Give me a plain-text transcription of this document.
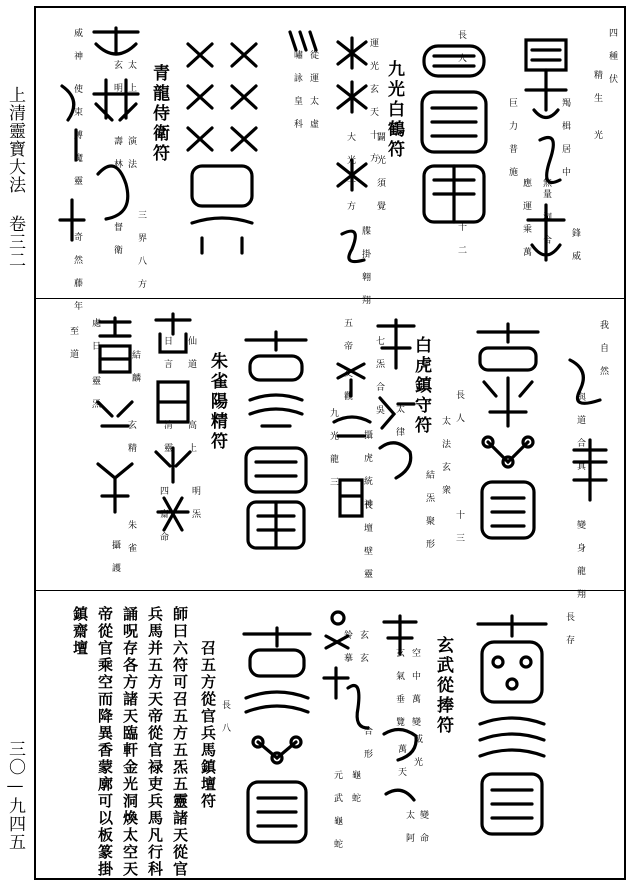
上清靈寶大法 卷三二
三〇—九四五
四 種 伏
精 生
光
鋒 威
羯 楫 居 中
巨 力 普 施
無量 洞 合
應 運 乘 萬
長 人
十 二
九光白鶴符
運 光 玄 天 十 方
闢 光 須 覺
大 光 十 方
牒 掛 翱 翔
從 運 太 虛
嘯 詠 皇 科
青龍侍衛符
太 上
玄 明
演 法
壽 林
三 界 八 方
督 衛
威 神
使 束 縛 魔 靈
奇 然 藤 年
我 自 然
與 道 合 真
變 身 龍 翔
長 人
十 三
太 法 玄 衆
結 炁 聚 形
白虎鎮守符
太 律
七 炁 合 吳
攝 虎 統 神
長 壇 壁 靈
五 帝
交 觀
九 光 龍 三
朱雀陽精符
仙 道
日 言
高 上
清 靈
明 炁
四 齋 命
結 麟
玄 精
朱 雀
攝 護
處 日
靈 炁
至 道
長 存
玄武從捧符
空 中 萬 變
玄 氣 垂 覽
威 光
萬 天
變 命
太 阿
玄 玄
鈴 摹
合 形
龜 蛇
元 武 龜 蛇
長 八
召五方從官兵馬鎮壇符
師曰六符可召五方五炁五靈諸天從官
兵馬并五方天帝從官禄吏兵馬凡行科
誦呪存各方諸天臨軒金光洞煥太空天
帝從官乘空而降異香蒙廓可以板篆掛
鎮齋壇
